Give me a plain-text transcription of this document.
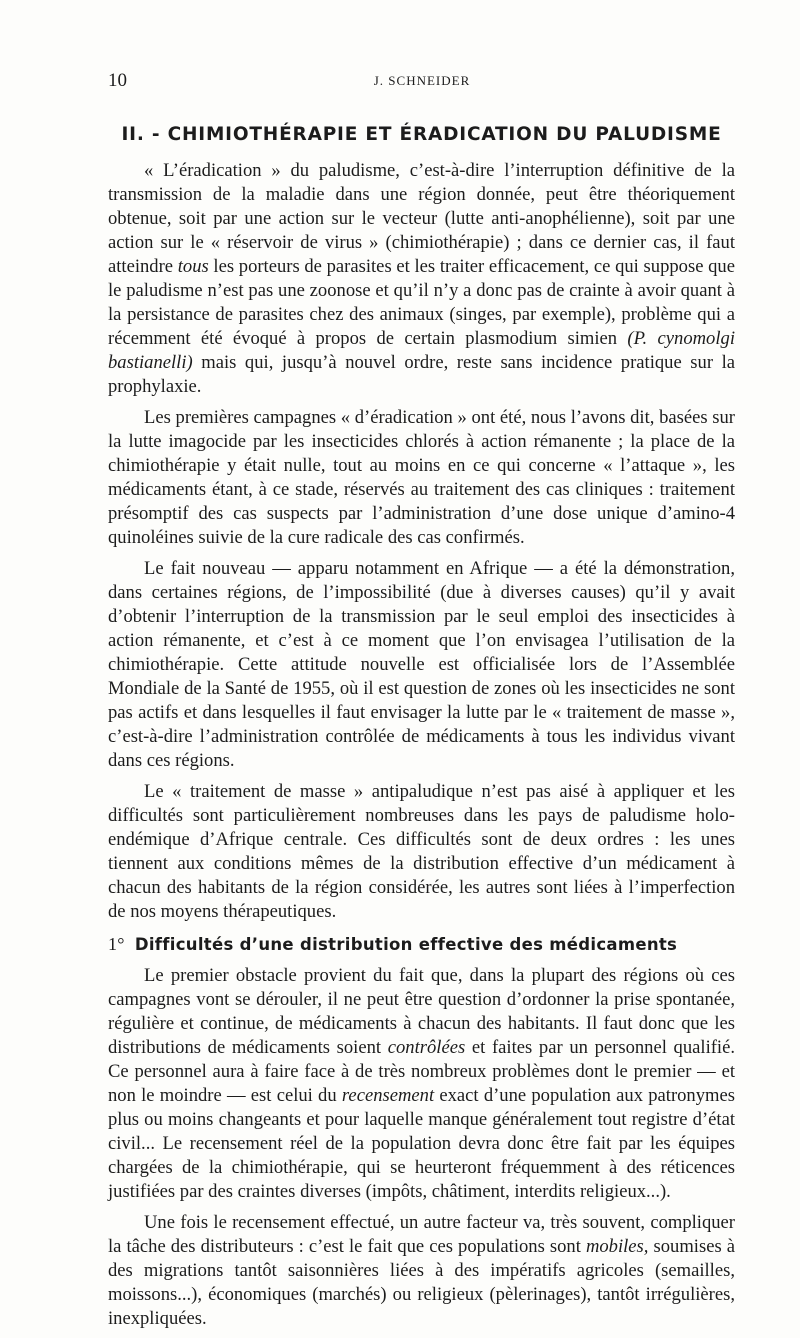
10	J. SCHNEIDER
II. - CHIMIOTHÉRAPIE ET ÉRADICATION DU PALUDISME

« L’éradication » du paludisme, c’est-à-dire l’interruption définitive de la transmission de la maladie dans une région donnée, peut être théoriquement obtenue, soit par une action sur le vecteur (lutte anti-anophélienne), soit par une action sur le « réservoir de virus » (chimiothérapie) ; dans ce dernier cas, il faut atteindre tous les porteurs de parasites et les traiter efficacement, ce qui suppose que le paludisme n’est pas une zoonose et qu’il n’y a donc pas de crainte à avoir quant à la persistance de parasites chez des animaux (singes, par exemple), problème qui a récemment été évoqué à propos de certain plasmodium simien (P. cynomolgi bastianelli) mais qui, jusqu’à nouvel ordre, reste sans incidence pratique sur la prophylaxie.

Les premières campagnes « d’éradication » ont été, nous l’avons dit, basées sur la lutte imagocide par les insecticides chlorés à action rémanente ; la place de la chimiothérapie y était nulle, tout au moins en ce qui concerne « l’attaque », les médicaments étant, à ce stade, réservés au traitement des cas cliniques : traitement présomptif des cas suspects par l’administration d’une dose unique d’amino-4 quinoléines suivie de la cure radicale des cas confirmés.

Le fait nouveau — apparu notamment en Afrique — a été la démonstration, dans certaines régions, de l’impossibilité (due à diverses causes) qu’il y avait d’obtenir l’interruption de la transmission par le seul emploi des insecticides à action rémanente, et c’est à ce moment que l’on envisagea l’utilisation de la chimiothérapie. Cette attitude nouvelle est officialisée lors de l’Assemblée Mondiale de la Santé de 1955, où il est question de zones où les insecticides ne sont pas actifs et dans lesquelles il faut envisager la lutte par le « traitement de masse », c’est-à-dire l’administration contrôlée de médicaments à tous les individus vivant dans ces régions.

Le « traitement de masse » antipaludique n’est pas aisé à appliquer et les difficultés sont particulièrement nombreuses dans les pays de paludisme holo-endémique d’Afrique centrale. Ces difficultés sont de deux ordres : les unes tiennent aux conditions mêmes de la distribution effective d’un médicament à chacun des habitants de la région considérée, les autres sont liées à l’imperfection de nos moyens thérapeutiques.

1° Difficultés d’une distribution effective des médicaments

Le premier obstacle provient du fait que, dans la plupart des régions où ces campagnes vont se dérouler, il ne peut être question d’ordonner la prise spontanée, régulière et continue, de médicaments à chacun des habitants. Il faut donc que les distributions de médicaments soient contrôlées et faites par un personnel qualifié. Ce personnel aura à faire face à de très nombreux problèmes dont le premier — et non le moindre — est celui du recensement exact d’une population aux patronymes plus ou moins changeants et pour laquelle manque généralement tout registre d’état civil... Le recensement réel de la population devra donc être fait par les équipes chargées de la chimiothérapie, qui se heurteront fréquemment à des réticences justifiées par des craintes diverses (impôts, châtiment, interdits religieux...).

Une fois le recensement effectué, un autre facteur va, très souvent, compliquer la tâche des distributeurs : c’est le fait que ces populations sont mobiles, soumises à des migrations tantôt saisonnières liées à des impératifs agricoles (semailles, moissons...), économiques (marchés) ou religieux (pèlerinages), tantôt irrégulières, inexpliquées.
